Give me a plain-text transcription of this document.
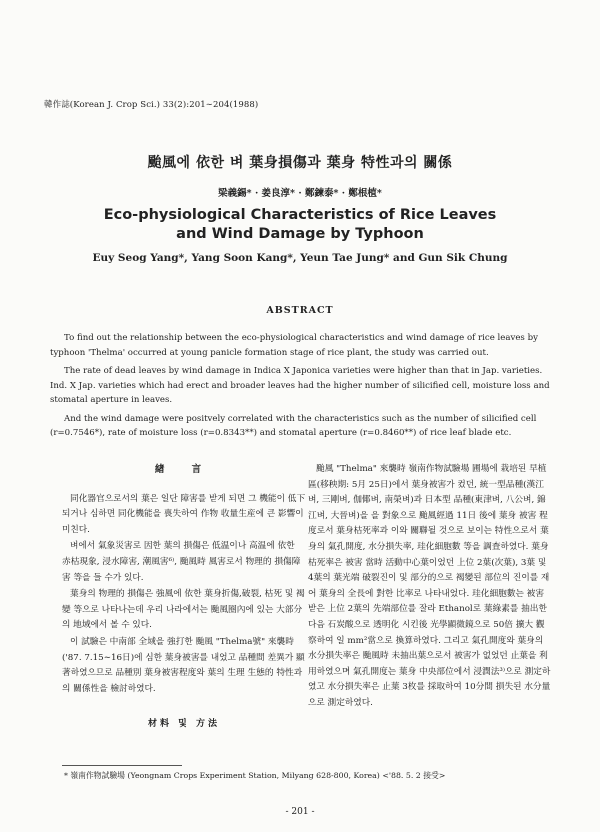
韓作誌(Korean J. Crop Sci.) 33(2):201∼204(1988)
颱風에 依한 벼 葉身損傷과 葉身 特性과의 關係
梁義錫* · 姜良淳* · 鄭鍊泰* · 鄭根植*
Eco-physiological Characteristics of Rice Leaves
and Wind Damage by Typhoon
Euy Seog Yang*, Yang Soon Kang*, Yeun Tae Jung* and Gun Sik Chung
ABSTRACT

To find out the relationship between the eco-physiological characteristics and wind damage of rice leaves by typhoon 'Thelma' occurred at young panicle formation stage of rice plant, the study was carried out.

The rate of dead leaves by wind damage in Indica X Japonica varieties were higher than that in Jap. varieties. Ind. X Jap. varieties which had erect and broader leaves had the higher number of silicified cell, moisture loss and stomatal aperture in leaves.

And the wind damage were positvely correlated with the characteristics such as the number of silicified cell (r=0.7546*), rate of moisture loss (r=0.8343**) and stomatal aperture (r=0.8460**) of rice leaf blade etc.

緖 言

同化器官으로서의 葉은 일단 障害를 받게 되면 그 機能이 低下되거나 심하면 同化機能을 喪失하여 作物 收量生産에 큰 影響이 미친다.

벼에서 氣象災害로 因한 葉의 損傷은 低温이나 高温에 依한 赤枯現象, 浸水障害, 潮風害⁶⁾, 颱風時 風害로서 物理的 損傷障害 等을 들 수가 있다.

葉身의 物理的 損傷은 強風에 依한 葉身折傷,破裂, 枯死 및 褐變 等으로 나타나는데 우리 나라에서는 颱風圈內에 있는 大部分의 地域에서 볼 수 있다.

이 試驗은 中南部 全域을 強打한 颱風 "Thelma號" 來襲時('87. 7.15∼16日)에 심한 葉身被害를 내었고 品種間 差異가 顯著하였으므로 品種別 葉身被害程度와 葉의 生理 生態的 特性과의 關係性을 檢討하였다.

材料 및 方法

颱風 "Thelma" 來襲時 嶺南作物試驗場 圃場에 栽培된 早植區(移秧期: 5月 25日)에서 葉身被害가 컸던, 統一型品種(漢江벼, 三剛벼, 伽倻벼, 南榮벼)과 日本型 品種(東津벼, 八公벼, 錦江벼, 大晉벼)을 을 對象으로 颱風經過 11日 後에 葉身 被害 程度로서 葉身枯死率과 이와 關聯될 것으로 보이는 特性으로서 葉身의 氣孔開度, 水分損失率, 珪化細胞數 等을 調査하였다. 葉身枯死率은 被害 當時 活動中心葉이었던 上位 2葉(次葉), 3葉 및 4葉의 葉光端 破裂진이 및 部分的으로 褐變된 部位의 진이를 재어 葉身의 全長에 對한 比率로 나타내었다. 珪化細胞數는 被害받은 上位 2葉의 先端部位를 잘라 Ethanol로 葉綠素를 抽出한 다음 石炭酸으로 透明化 시킨後 光學顯微鏡으로 50倍 擴大 觀察하여 일 mm²當으로 換算하였다. 그리고 氣孔開度와 葉身의 水分損失率은 颱風時 未抽出葉으로서 被害가 없었던 止葉을 利用하였으며 氣孔開度는 葉身 中央部位에서 浸潤法³⁾으로 測定하였고 水分損失率은 止葉 3枚를 採取하여 10分間 損失된 水分量으로 測定하였다.

* 嶺南作物試驗場 (Yeongnam Crops Experiment Station, Milyang 628-800, Korea) <'88. 5. 2 接受>
- 201 -
